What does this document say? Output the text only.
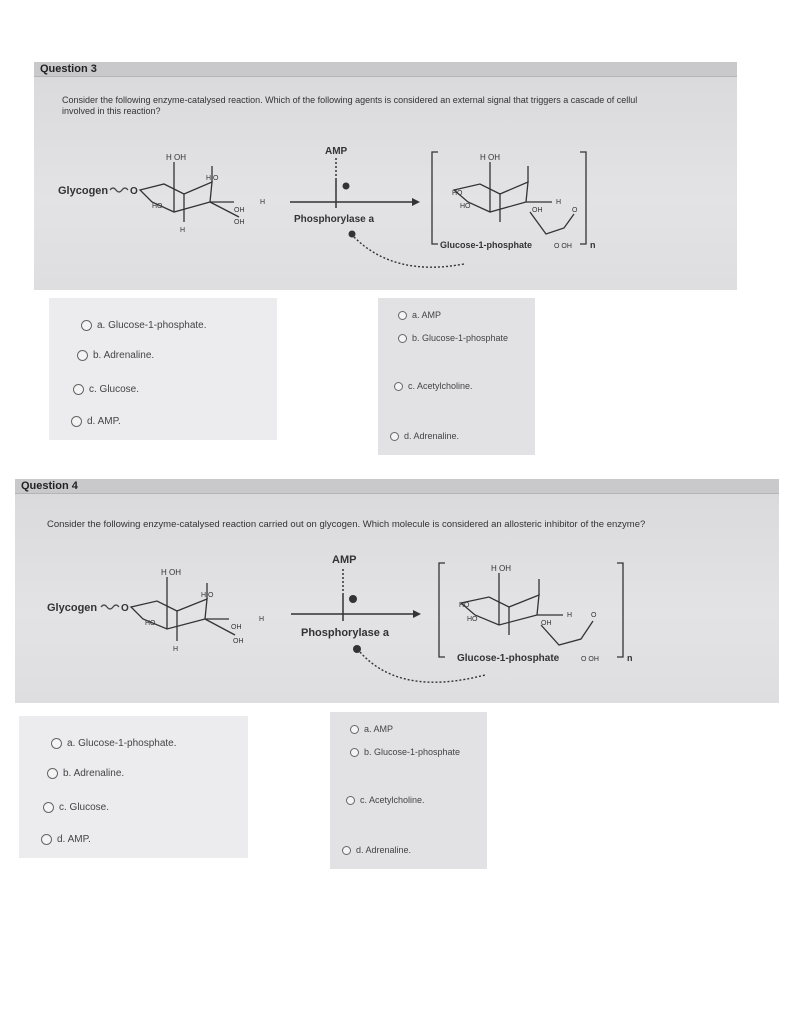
Question 3
Consider the following enzyme-catalysed reaction. Which of the following agents is considered an external signal that triggers a cascade of cellul
involved in this reaction?
Glycogen O
H OH
HO
H
OH
H
OH
H O
AMP
Phosphorylase a
H OH
HO
HO
H
OH	O
Glucose-1-phosphate	O OH n
a. Glucose-1-phosphate.
b. Adrenaline.
c. Glucose.
d. AMP.
a. AMP
b. Glucose-1-phosphate
c. Acetylcholine.
d. Adrenaline.
Question 4
Consider the following enzyme-catalysed reaction carried out on glycogen. Which molecule is considered an allosteric inhibitor of the enzyme?
Glycogen O
H OH
HO
H
OH
H
OH
H O
AMP
Phosphorylase a
H OH
HO
HO
H
OH
O
Glucose-1-phosphate	O OH	n
a. Glucose-1-phosphate.
b. Adrenaline.
c. Glucose.
d. AMP.
a. AMP
b. Glucose-1-phosphate
c. Acetylcholine.
d. Adrenaline.
